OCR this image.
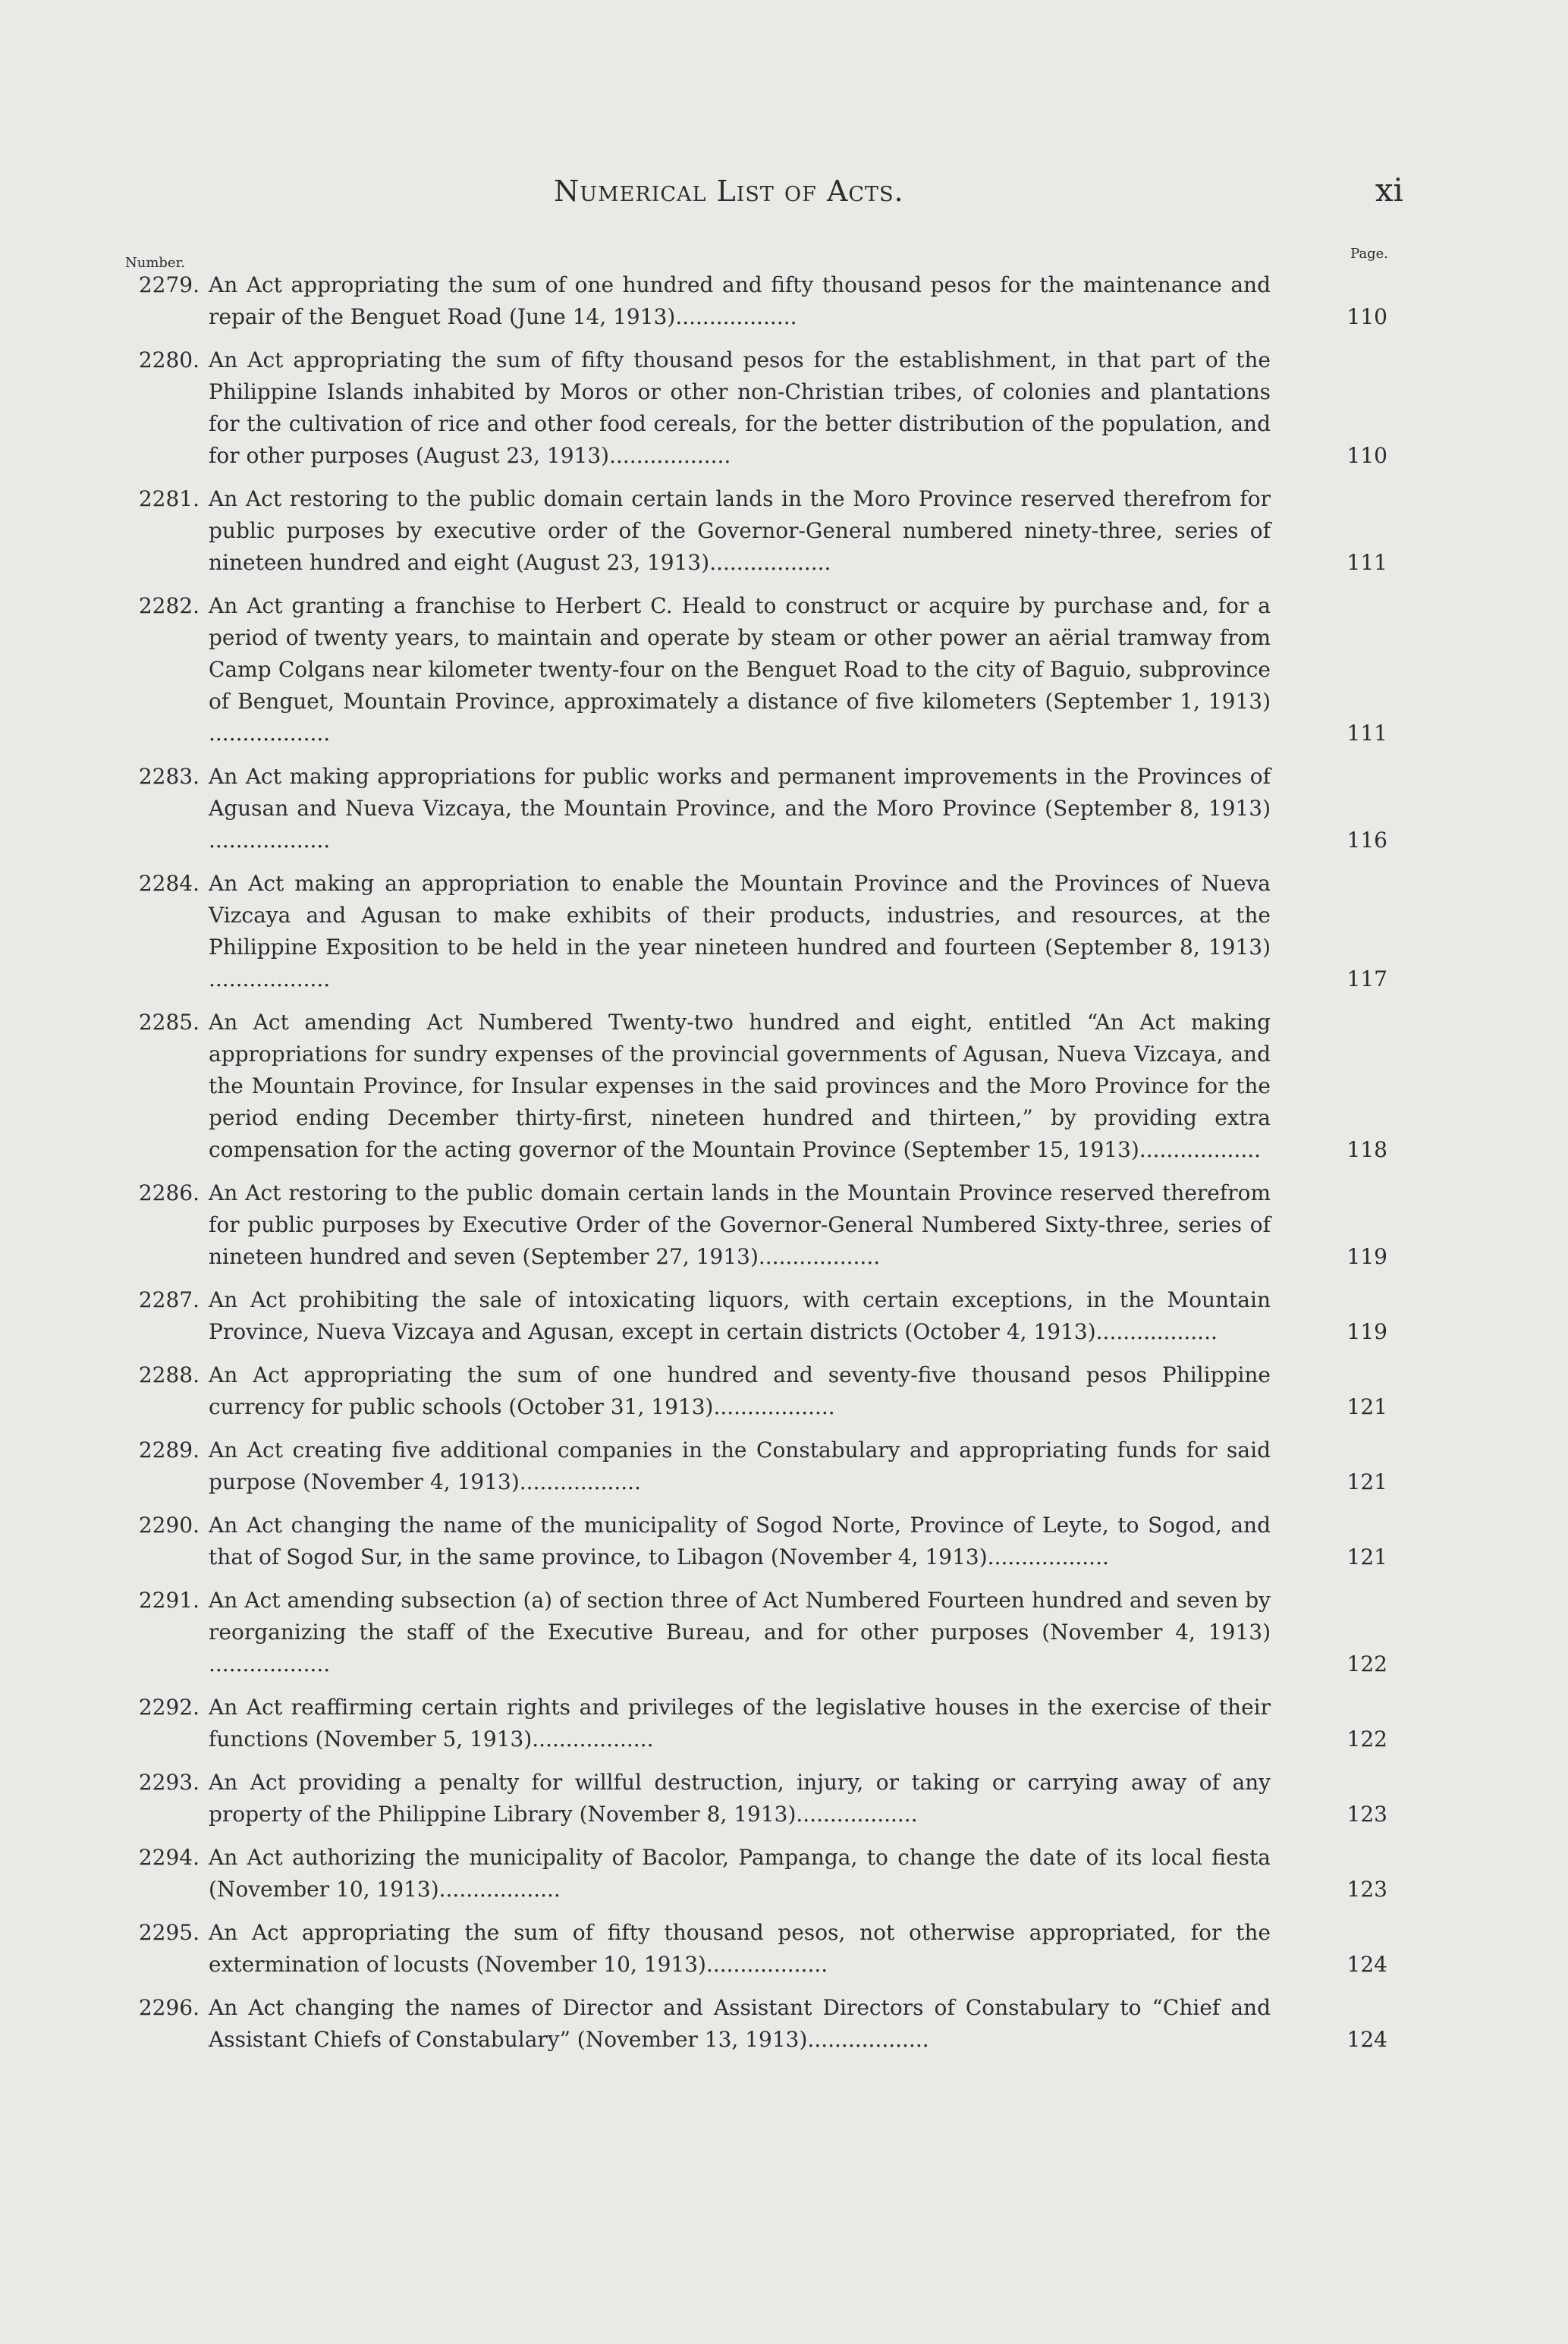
Numerical List of Acts.	xi
Number.
Page.
2279. An Act appropriating the sum of one hundred and fifty thousand pesos for the maintenance and repair of the Benguet Road (June 14, 1913)..................	110
2280. An Act appropriating the sum of fifty thousand pesos for the establishment, in that part of the Philippine Islands inhabited by Moros or other non-Christian tribes, of colonies and plantations for the cultivation of rice and other food cereals, for the better distribution of the population, and for other purposes (August 23, 1913)..................	110
2281. An Act restoring to the public domain certain lands in the Moro Province reserved therefrom for public purposes by executive order of the Governor-General numbered ninety-three, series of nineteen hundred and eight (August 23, 1913)..................	111
2282. An Act granting a franchise to Herbert C. Heald to construct or acquire by purchase and, for a period of twenty years, to maintain and operate by steam or other power an aërial tramway from Camp Colgans near kilometer twenty-four on the Benguet Road to the city of Baguio, subprovince of Benguet, Mountain Province, approximately a distance of five kilometers (September 1, 1913)..................	111
2283. An Act making appropriations for public works and permanent improvements in the Provinces of Agusan and Nueva Vizcaya, the Mountain Province, and the Moro Province (September 8, 1913)..................	116
2284. An Act making an appropriation to enable the Mountain Province and the Provinces of Nueva Vizcaya and Agusan to make exhibits of their products, industries, and resources, at the Philippine Exposition to be held in the year nineteen hundred and fourteen (September 8, 1913)..................	117
2285. An Act amending Act Numbered Twenty-two hundred and eight, entitled “An Act making appropriations for sundry expenses of the provincial governments of Agusan, Nueva Vizcaya, and the Mountain Province, for Insular expenses in the said provinces and the Moro Province for the period ending December thirty-first, nineteen hundred and thirteen,” by providing extra compensation for the acting governor of the Mountain Province (September 15, 1913)..................	118
2286. An Act restoring to the public domain certain lands in the Mountain Province reserved therefrom for public purposes by Executive Order of the Governor-General Numbered Sixty-three, series of nineteen hundred and seven (September 27, 1913)..................	119
2287. An Act prohibiting the sale of intoxicating liquors, with certain exceptions, in the Mountain Province, Nueva Vizcaya and Agusan, except in certain districts (October 4, 1913)..................	119
2288. An Act appropriating the sum of one hundred and seventy-five thousand pesos Philippine currency for public schools (October 31, 1913)..................	121
2289. An Act creating five additional companies in the Constabulary and appropriating funds for said purpose (November 4, 1913)..................	121
2290. An Act changing the name of the municipality of Sogod Norte, Province of Leyte, to Sogod, and that of Sogod Sur, in the same province, to Libagon (November 4, 1913)..................	121
2291. An Act amending subsection (a) of section three of Act Numbered Fourteen hundred and seven by reorganizing the staff of the Executive Bureau, and for other purposes (November 4, 1913)..................	122
2292. An Act reaffirming certain rights and privileges of the legislative houses in the exercise of their functions (November 5, 1913)..................	122
2293. An Act providing a penalty for willful destruction, injury, or taking or carrying away of any property of the Philippine Library (November 8, 1913)..................	123
2294. An Act authorizing the municipality of Bacolor, Pampanga, to change the date of its local fiesta (November 10, 1913)..................	123
2295. An Act appropriating the sum of fifty thousand pesos, not otherwise appropriated, for the extermination of locusts (November 10, 1913)..................	124
2296. An Act changing the names of Director and Assistant Directors of Constabulary to “Chief and Assistant Chiefs of Constabulary” (November 13, 1913)..................	124
